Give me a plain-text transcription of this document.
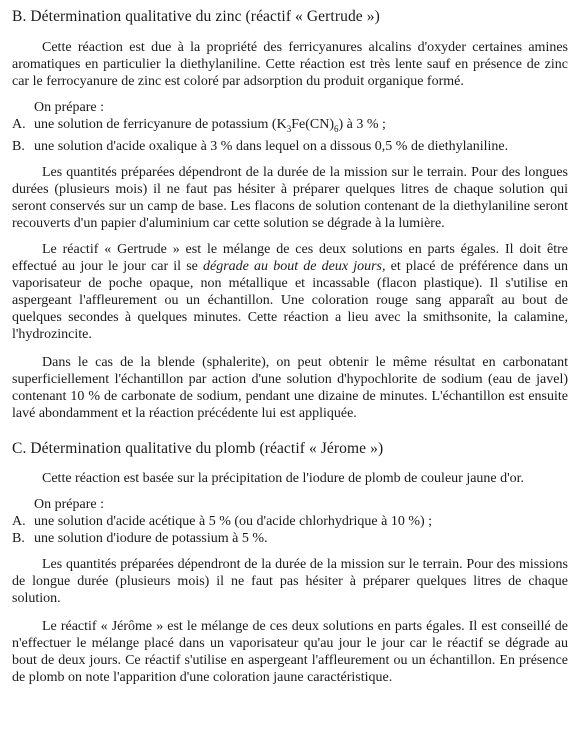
B. Détermination qualitative du zinc (réactif « Gertrude »)

Cette réaction est due à la propriété des ferricyanures alcalins d'oxyder certaines amines aromatiques en particulier la diethylaniline. Cette réaction est très lente sauf en présence de zinc car le ferrocyanure de zinc est coloré par adsorption du produit organique formé.

On prépare :
A. une solution de ferricyanure de potassium $(K_3Fe(CN)_6)$ à 3 % ;
B. une solution d'acide oxalique à 3 % dans lequel on a dissous 0,5 % de diethylaniline.

Les quantités préparées dépendront de la durée de la mission sur le terrain. Pour des longues durées (plusieurs mois) il ne faut pas hésiter à préparer quelques litres de chaque solution qui seront conservés sur un camp de base. Les flacons de solution contenant de la diethylaniline seront recouverts d'un papier d'aluminium car cette solution se dégrade à la lumière.

Le réactif « Gertrude » est le mélange de ces deux solutions en parts égales. Il doit être effectué au jour le jour car il se dégrade au bout de deux jours, et placé de préférence dans un vaporisateur de poche opaque, non métallique et incassable (flacon plastique). Il s'utilise en aspergeant l'affleurement ou un échantillon. Une coloration rouge sang apparaît au bout de quelques secondes à quelques minutes. Cette réaction a lieu avec la smithsonite, la calamine, l'hydrozincite.

Dans le cas de la blende (sphalerite), on peut obtenir le même résultat en carbonatant superficiellement l'échantillon par action d'une solution d'hypochlorite de sodium (eau de javel) contenant 10 % de carbonate de sodium, pendant une dizaine de minutes. L'échantillon est ensuite lavé abondamment et la réaction précédente lui est appliquée.

C. Détermination qualitative du plomb (réactif « Jérome »)

Cette réaction est basée sur la précipitation de l'iodure de plomb de couleur jaune d'or.

On prépare :
A. une solution d'acide acétique à 5 % (ou d'acide chlorhydrique à 10 %) ;
B. une solution d'iodure de potassium à 5 %.

Les quantités préparées dépendront de la durée de la mission sur le terrain. Pour des missions de longue durée (plusieurs mois) il ne faut pas hésiter à préparer quelques litres de chaque solution.

Le réactif « Jérôme » est le mélange de ces deux solutions en parts égales. Il est conseillé de n'effectuer le mélange placé dans un vaporisateur qu'au jour le jour car le réactif se dégrade au bout de deux jours. Ce réactif s'utilise en aspergeant l'affleurement ou un échantillon. En présence de plomb on note l'apparition d'une coloration jaune caractéristique.
